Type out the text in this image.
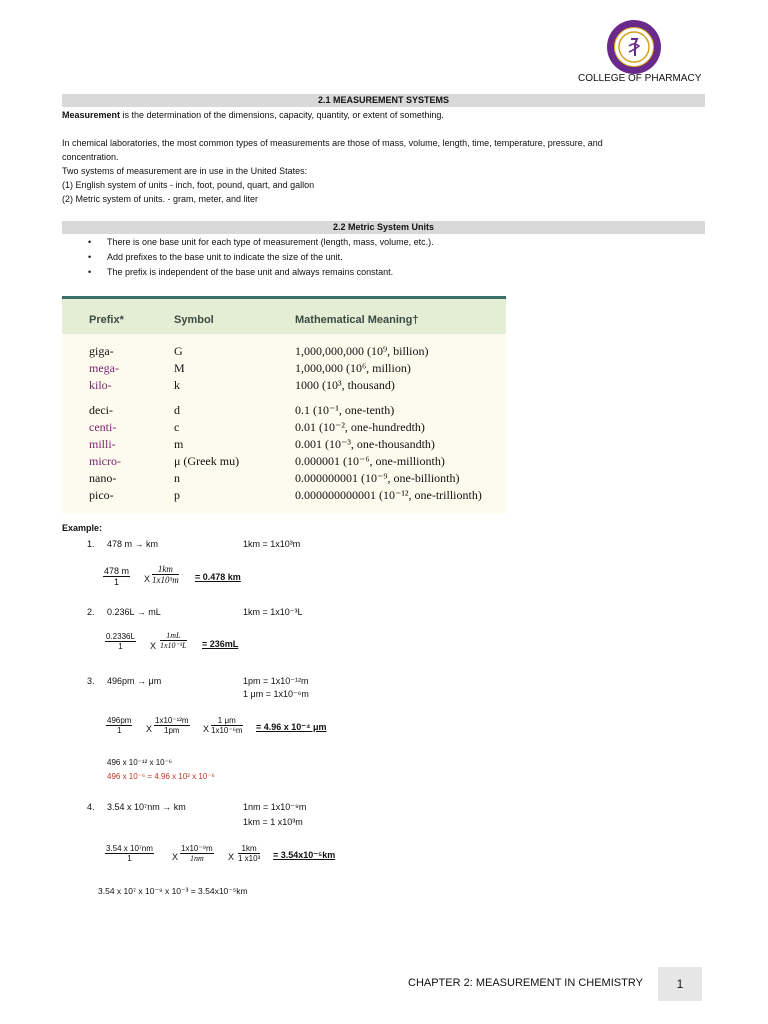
COLLEGE OF PHARMACY
2.1 MEASUREMENT SYSTEMS
Measurement is the determination of the dimensions, capacity, quantity, or extent of something.
In chemical laboratories, the most common types of measurements are those of mass, volume, length, time, temperature, pressure, and
concentration.
Two systems of measurement are in use in the United States:
(1) English system of units - inch, foot, pound, quart, and gallon
(2) Metric system of units. - gram, meter, and liter
2.2 Metric System Units
• There is one base unit for each type of measurement (length, mass, volume, etc.).
• Add prefixes to the base unit to indicate the size of the unit.
• The prefix is independent of the base unit and always remains constant.
Prefix*	Symbol	Mathematical Meaning†
giga-	G	1,000,000,000 (10⁹, billion)
mega-	M	1,000,000 (10⁶, million)
kilo-	k	1000 (10³, thousand)
deci-	d	0.1 (10⁻¹, one-tenth)
centi-	c	0.01 (10⁻², one-hundredth)
milli-	m	0.001 (10⁻³, one-thousandth)
micro-	μ (Greek mu)	0.000001 (10⁻⁶, one-millionth)
nano-	n	0.000000001 (10⁻⁹, one-billionth)
pico-	p	0.000000000001 (10⁻¹², one-trillionth)
Example:
1. 478 m → km	1km = 1x10³m
$\frac{478 m}{1}$ X $\frac{1km}{\text{1x10³m}} = 0.478$ km
2. 0.236L → mL	1km = 1x10⁻³L
$\frac{0.2336L}{1}$ X $\frac{1mL}{\text{1x10⁻³L}} = 236mL$
3. 496pm → μm	1pm = 1x10⁻¹²m
1 μm = 1x10⁻⁶m
$\frac{496pm}{1}$ X $\frac{\text{1x10⁻¹²m}}{1pm}$ X $\frac{1 \mu m}{\text{1x10⁻⁶m}} = 4.96$ x 10⁻⁴ μm
496 x 10⁻¹² x 10⁻⁶
496 x 10⁻⁶ = 4.96 x 10² x 10⁻⁶
4. 3.54 x 10⁷nm → km	1nm = 1x10⁻⁹m
1km = 1 x10³m
$\frac{\text{3.54 x 10⁷nm}}{1}$ X $\frac{\text{1x10⁻⁹m}}{1nm}$ X $\frac{1km}{\text{1 x10³}} = 3.54x10^{-5}km$
3.54 x 10⁷ x 10⁻⁹ x 10⁻³ = 3.54x10⁻⁵km
CHAPTER 2: MEASUREMENT IN CHEMISTRY	1
